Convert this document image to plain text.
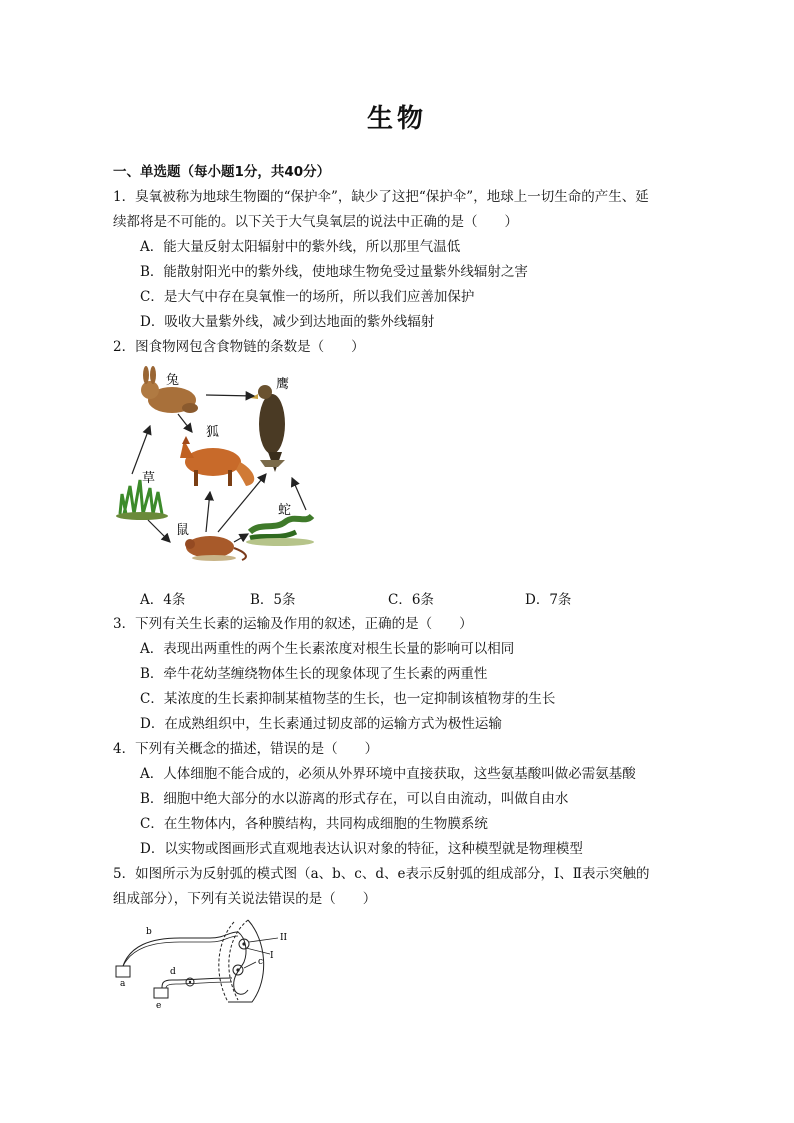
生物
一、单选题（每小题1分，共40分）
1．臭氧被称为地球生物圈的“保护伞”，缺少了这把“保护伞”，地球上一切生命的产生、延
续都将是不可能的。以下关于大气臭氧层的说法中正确的是（　　）
A．能大量反射太阳辐射中的紫外线，所以那里气温低
B．能散射阳光中的紫外线，使地球生物免受过量紫外线辐射之害
C．是大气中存在臭氧惟一的场所，所以我们应善加保护
D．吸收大量紫外线，减少到达地面的紫外线辐射
2．图食物网包含食物链的条数是（　　）
兔	鹰
狐
草
鼠
蛇
A．4条	B．5条	C．6条	D．7条
3．下列有关生长素的运输及作用的叙述，正确的是（　　）
A．表现出两重性的两个生长素浓度对根生长量的影响可以相同
B．牵牛花幼茎缠绕物体生长的现象体现了生长素的两重性
C．某浓度的生长素抑制某植物茎的生长，也一定抑制该植物芽的生长
D．在成熟组织中，生长素通过韧皮部的运输方式为极性运输
4．下列有关概念的描述，错误的是（　　）
A．人体细胞不能合成的，必须从外界环境中直接获取，这些氨基酸叫做必需氨基酸
B．细胞中绝大部分的水以游离的形式存在，可以自由流动，叫做自由水
C．在生物体内，各种膜结构，共同构成细胞的生物膜系统
D．以实物或图画形式直观地表达认识对象的特征，这种模型就是物理模型
5．如图所示为反射弧的模式图（a、b、c、d、e表示反射弧的组成部分，Ⅰ、Ⅱ表示突触的
组成部分），下列有关说法错误的是（　　）
a
b
c
d
e
I
II
